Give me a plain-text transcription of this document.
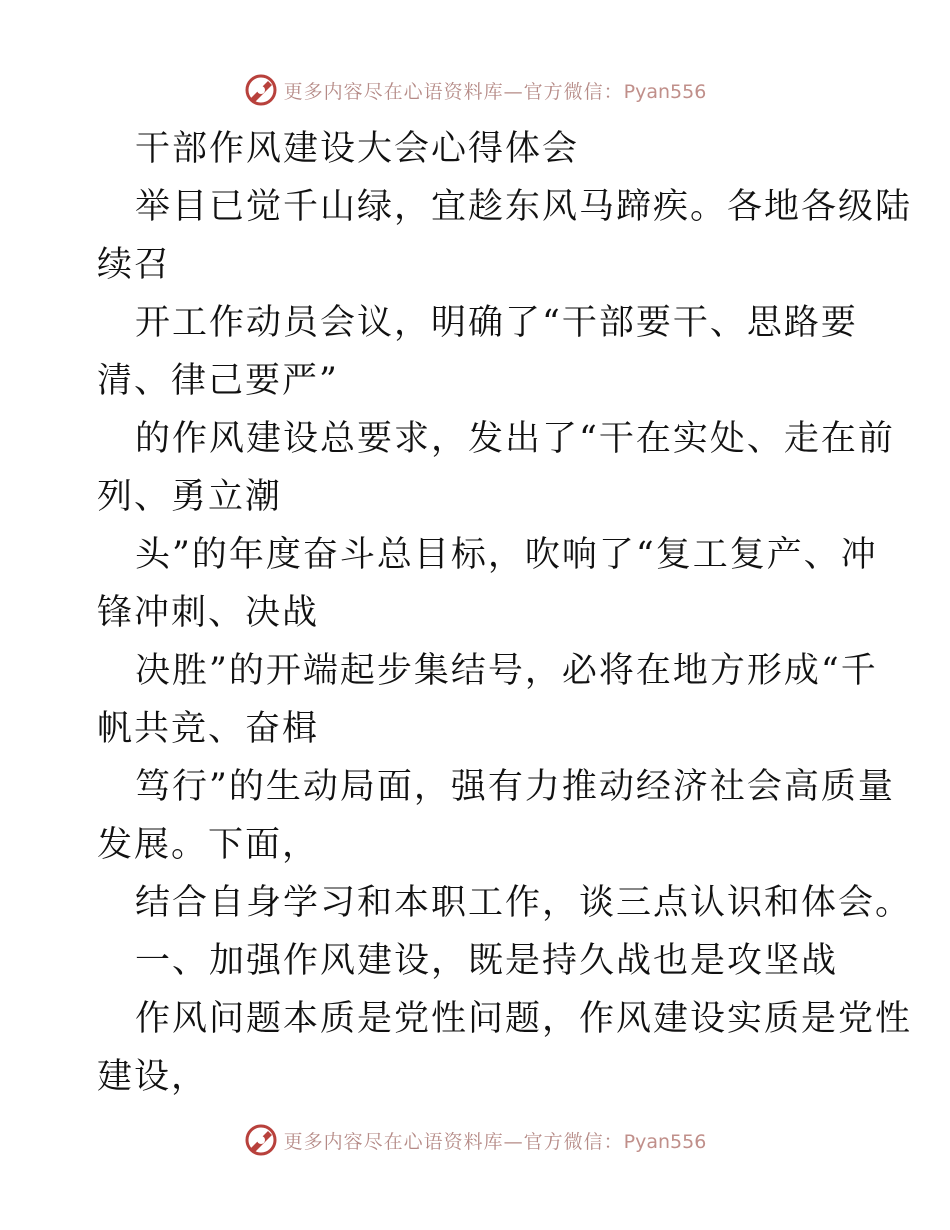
更多内容尽在心语资料库—官方微信：Pyan556
干部作风建设大会心得体会
举目已觉千山绿，宜趁东风马蹄疾。各地各级陆
续召
开工作动员会议，明确了“干部要干、思路要
清、律己要严”
的作风建设总要求，发出了“干在实处、走在前
列、勇立潮
头”的年度奋斗总目标，吹响了“复工复产、冲
锋冲刺、决战
决胜”的开端起步集结号，必将在地方形成“千
帆共竞、奋楫
笃行”的生动局面，强有力推动经济社会高质量
发展。下面，
结合自身学习和本职工作，谈三点认识和体会。
一、加强作风建设，既是持久战也是攻坚战
作风问题本质是党性问题，作风建设实质是党性
建设，
更多内容尽在心语资料库—官方微信：Pyan556
